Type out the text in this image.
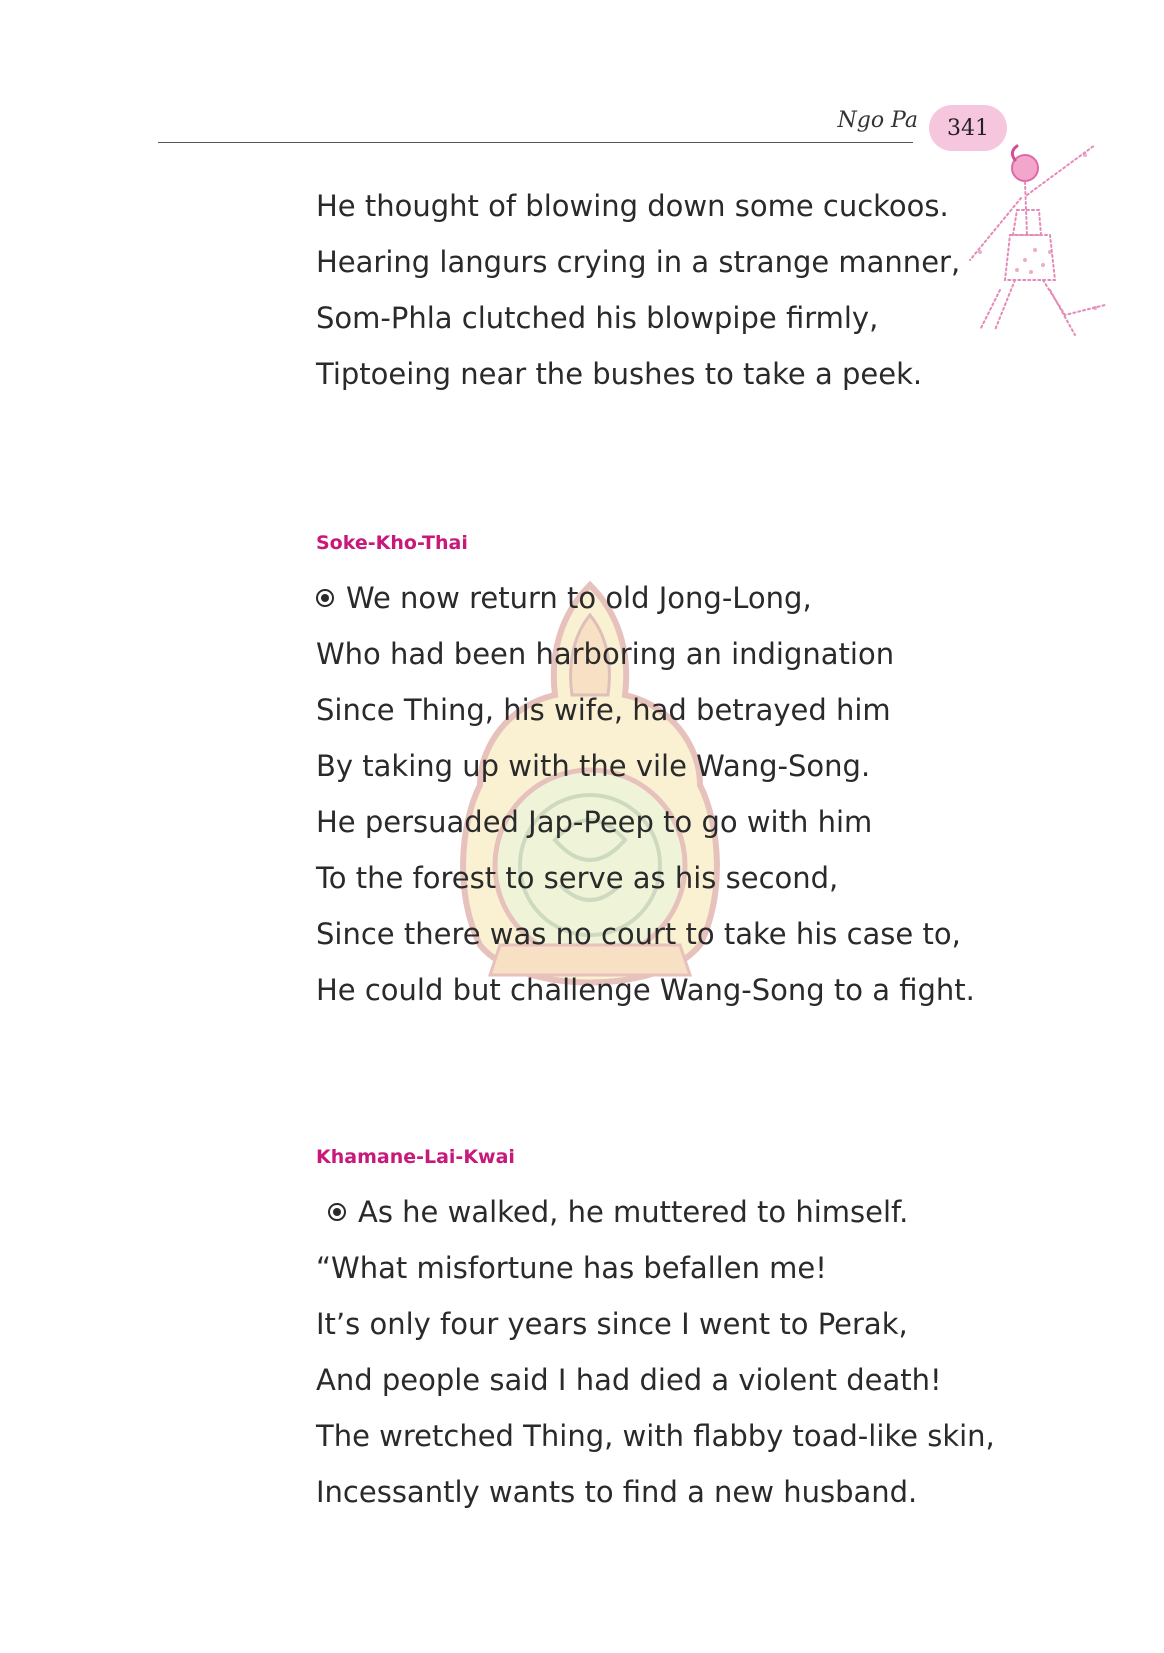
Ngo Pa 341
He thought of blowing down some cuckoos.
Hearing langurs crying in a strange manner,
Som-Phla clutched his blowpipe firmly,
Tiptoeing near the bushes to take a peek.
Soke-Kho-Thai
We now return to old Jong-Long,
Who had been harboring an indignation
Since Thing, his wife, had betrayed him
By taking up with the vile Wang-Song.
He persuaded Jap-Peep to go with him
To the forest to serve as his second,
Since there was no court to take his case to,
He could but challenge Wang-Song to a fight.
Khamane-Lai-Kwai
As he walked, he muttered to himself.
“What misfortune has befallen me!
It’s only four years since I went to Perak,
And people said I had died a violent death!
The wretched Thing, with flabby toad-like skin,
Incessantly wants to find a new husband.
